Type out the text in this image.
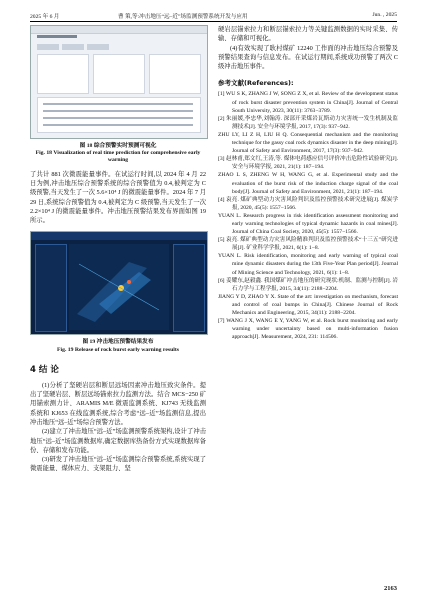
2025 年 6 月	曹 策,等:冲击地压“远–近”场监测预警系统开发与应用	Jun. , 2025
图 18 综合预警实时预测可视化
Fig. 18 Visualization of real time prediction for comprehensive early warning

了共计 881 次微震能量事件。在试运行时间,以 2024 年 4 月 22 日为例,冲击地压综合预警系统的综合预警值为 0.4,被判定为 C 级预警,当天发生了一次 5.6×10⁴ J 的微震能量事件。2024 年 7 月 29 日,系统综合预警值为 0.4,被判定为 C 级预警,当天发生了一次 2.2×10⁴ J 的微震能量事件。冲击地压预警结果发布界面如图 19 所示。

图 19 冲击地压预警结果发布
Fig. 19 Release of rock burst early warning results
4 结 论

(1)分析了坚硬岩层和断层远场因素冲击地压致灾条件。提出了坚硬岩层、断层远场锚索拉力监测方法。结合 MCS−250 矿用锚索测力计、ARAMIS M/E 微震监测系统、KJ743 无线监测系统和 KJ653 在线监测系统,综合考虑“远–近”场监测信息,提出冲击地压“远–近”场综合预警方法。

(2)建立了冲击地压“远–近”场监测预警系统架构,设计了冲击地压“远–近”场监测数据库,确定数据库热备份方式实现数据库备份、存储和发布功能。

(3)研发了冲击地压“远–近”场监测综合预警系统,系统实现了微震能量、煤体应力、支架阻力、坚

硬岩层锚索拉力和断层锚索拉力等关键监测数据的实时采集、传输、存储和可视化。

(4)有效实现了耿村煤矿 12240 工作面的冲击地压综合预警及预警结果查询与信息发布。在试运行期间,系统成功预警了两次 C 级冲击地压事件。

参考文献(References):

[1] WU S K, ZHANG J W, SONG Z X, et al. Review of the development status of rock burst disaster prevention system in China[J]. Journal of Central South University, 2023, 30(11): 3763−3789.

[2] 朱丽媛,李忠华,刘翰涛. 深部开采煤岩瓦斯动力灾害统一发生机制及监测技术[J]. 安全与环境学报, 2017, 17(3): 937−942.

ZHU LY, LI Z H, LIU H Q. Consequential mechanism and the monitoring technique for the gassy coal rock dynamics disaster in the deep mining[J]. Journal of Safety and Environment, 2017, 17(3): 937−942.

[3] 赵林甫,郑文红,王涛,等. 煤体电荷感应信号评价冲击危险性试验研究[J]. 安全与环境学报, 2021, 21(1): 187−194.

ZHAO L S, ZHENG W H, WANG G, et al. Experimental study and the evaluation of the burst risk of the induction charge signal of the coal body[J]. Journal of Safety and Environment, 2021, 21(1): 187−194.

[4] 袁亮. 煤矿典型动力灾害风险判识及监控预警技术研究进展[J]. 煤炭学报, 2020, 45(5): 1557−1566.

YUAN L. Research progress in risk identification assessment monitoring and early warning technologies of typical dynamic hazards in coal mines[J]. Journal of China Coal Society, 2020, 45(5): 1557−1566.

[5] 袁亮. 煤矿典型动力灾害风险精准判识及监控预警技术“十三五”研究进展[J]. 矿业科学学报, 2021, 6(1): 1−8.

YUAN L. Risk identification, monitoring and early warning of typical coal mine dynamic disasters during the 13th Five-Year Plan period[J]. Journal of Mining Science and Technology, 2021, 6(1): 1−8.

[6] 姜耀东,赵毅鑫. 我国煤矿冲击地压的研究现状:机制、监测与控制[J]. 岩石力学与工程学报, 2015, 34(11): 2188−2204.

JIANG Y D, ZHAO Y X. State of the art: investigation on mechanism, forecast and control of coal bumps in China[J]. Chinese Journal of Rock Mechanics and Engineering, 2015, 34(11): 2188−2204.

[7] WANG J X, WANG E Y, YANG W, et al. Rock burst monitoring and early warning under uncertainty based on multi-information fusion approach[J]. Measurement, 2024, 231: 114506.

2163
